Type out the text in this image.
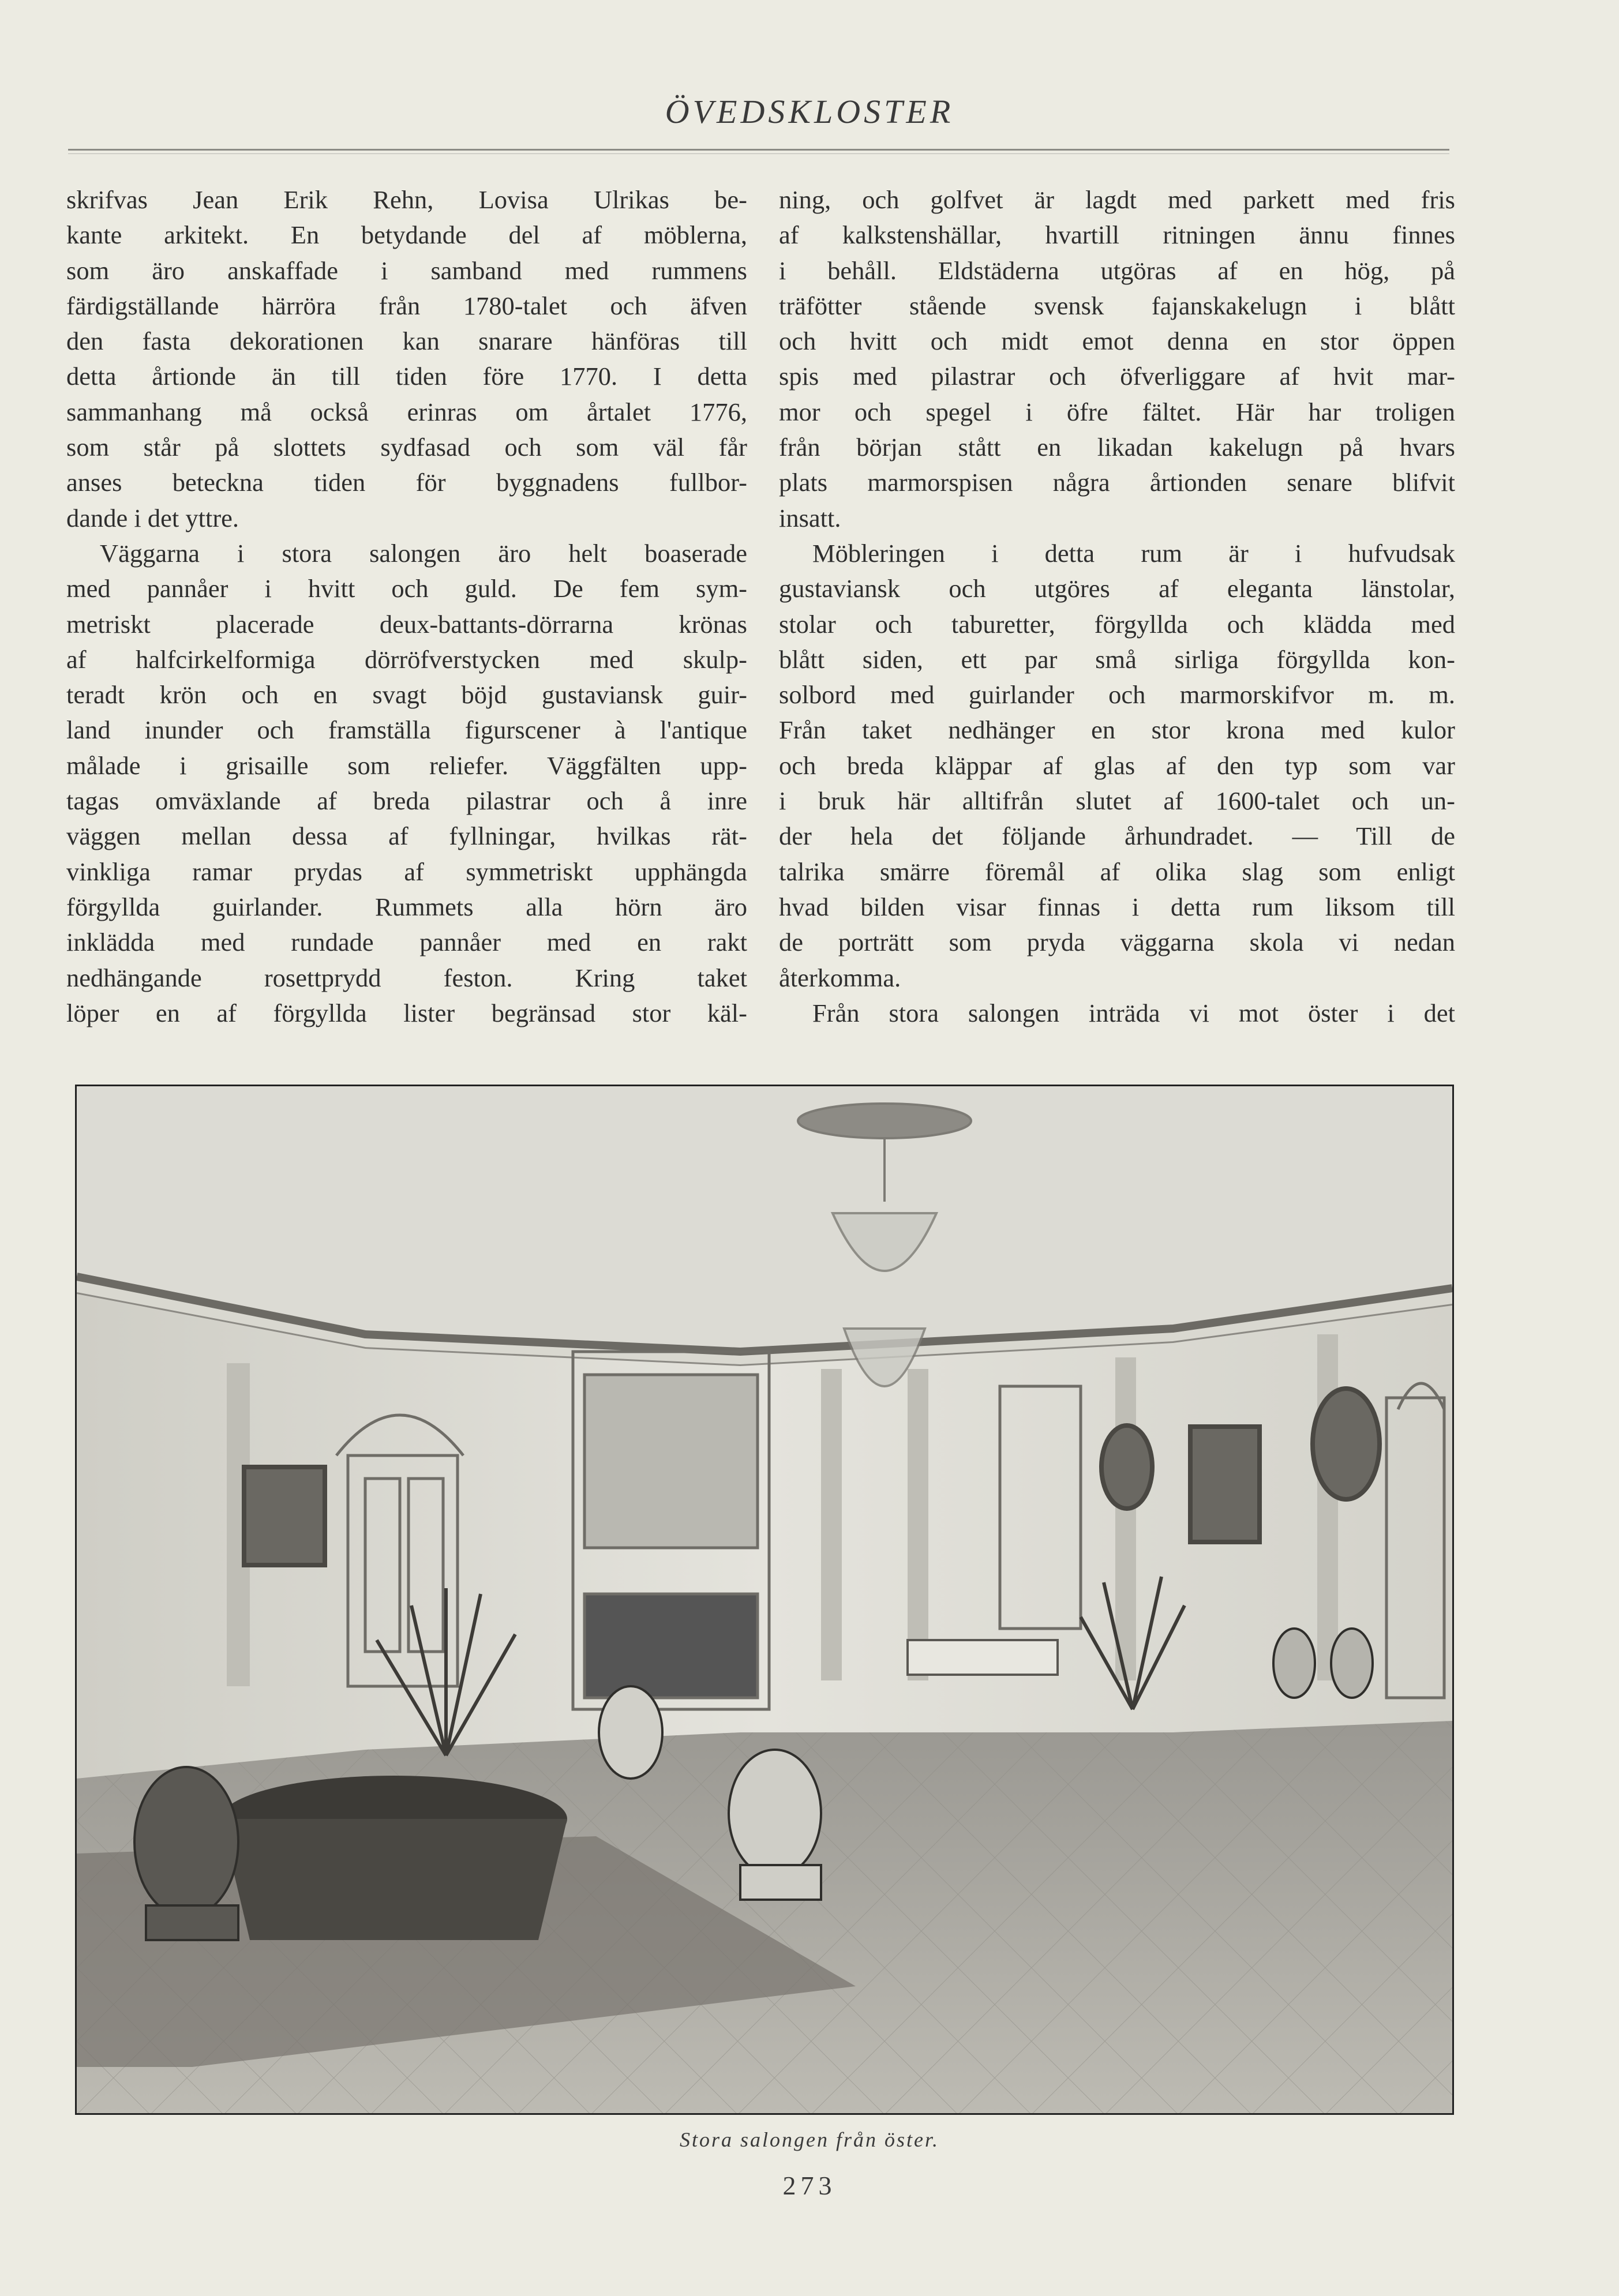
ÖVEDSKLOSTER
skrifvas Jean Erik Rehn, Lovisa Ulrikas be-
kante arkitekt. En betydande del af möblerna,
som äro anskaffade i samband med rummens
färdigställande härröra från 1780-talet och äfven
den fasta dekorationen kan snarare hänföras till
detta årtionde än till tiden före 1770. I detta
sammanhang må också erinras om årtalet 1776,
som står på slottets sydfasad och som väl får
anses beteckna tiden för byggnadens fullbor-
dande i det yttre.
Väggarna i stora salongen äro helt boaserade
med pannåer i hvitt och guld. De fem sym-
metriskt placerade deux-battants-dörrarna krönas
af halfcirkelformiga dörröfverstycken med skulp-
teradt krön och en svagt böjd gustaviansk guir-
land inunder och framställa figurscener à l'antique
målade i grisaille som reliefer. Väggfälten upp-
tagas omväxlande af breda pilastrar och å inre
väggen mellan dessa af fyllningar, hvilkas rät-
vinkliga ramar prydas af symmetriskt upphängda
förgyllda guirlander. Rummets alla hörn äro
inklädda med rundade pannåer med en rakt
nedhängande rosettprydd feston. Kring taket
löper en af förgyllda lister begränsad stor käl-
ning, och golfvet är lagdt med parkett med fris
af kalkstenshällar, hvartill ritningen ännu finnes
i behåll. Eldstäderna utgöras af en hög, på
träfötter stående svensk fajanskakelugn i blått
och hvitt och midt emot denna en stor öppen
spis med pilastrar och öfverliggare af hvit mar-
mor och spegel i öfre fältet. Här har troligen
från början stått en likadan kakelugn på hvars
plats marmorspisen några årtionden senare blifvit
insatt.
Möbleringen i detta rum är i hufvudsak
gustaviansk och utgöres af eleganta länstolar,
stolar och taburetter, förgyllda och klädda med
blått siden, ett par små sirliga förgyllda kon-
solbord med guirlander och marmorskifvor m. m.
Från taket nedhänger en stor krona med kulor
och breda kläppar af glas af den typ som var
i bruk här alltifrån slutet af 1600-talet och un-
der hela det följande århundradet. — Till de
talrika smärre föremål af olika slag som enligt
hvad bilden visar finnas i detta rum liksom till
de porträtt som pryda väggarna skola vi nedan
återkomma.
Från stora salongen inträda vi mot öster i det
Stora salongen från öster.
273
